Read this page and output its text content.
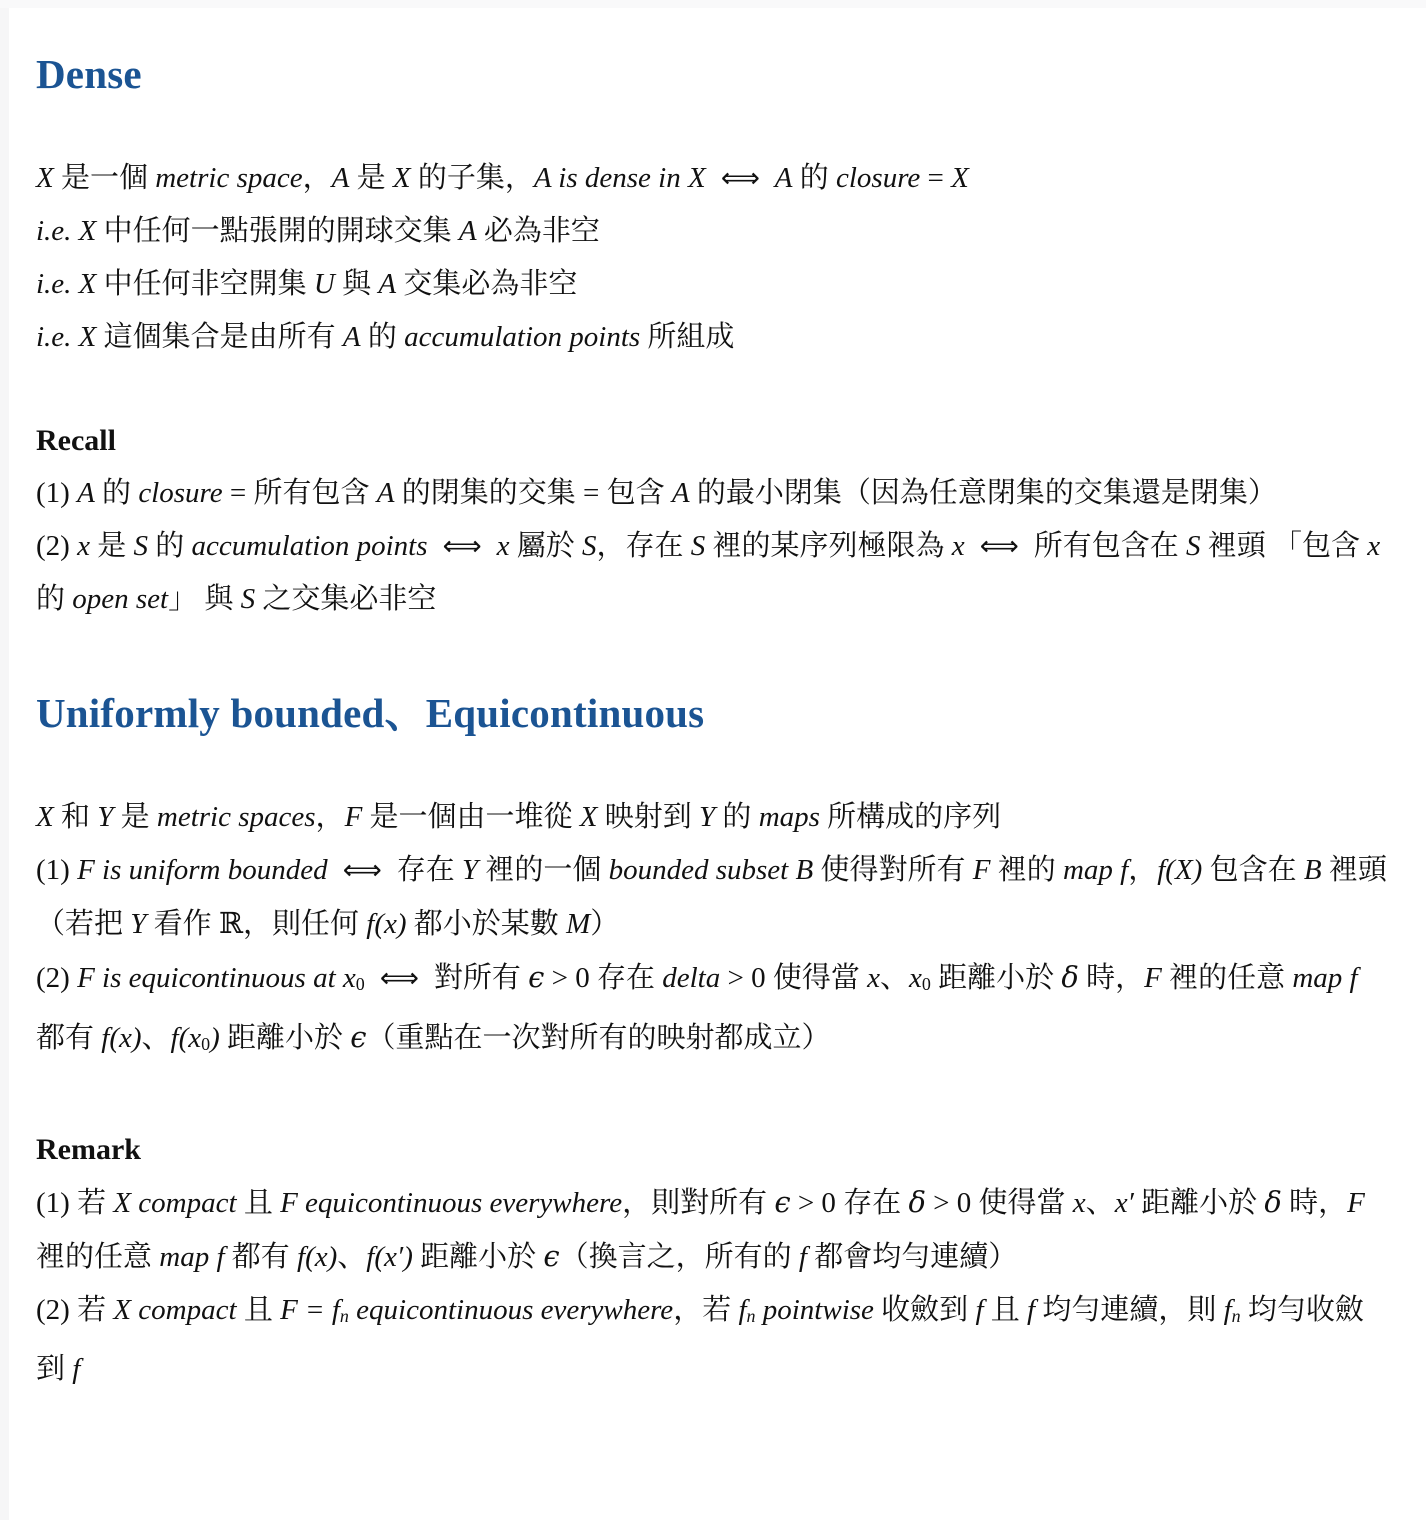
Dense
X 是一個 metric space，A 是 X 的子集，A is dense in X ⟺ A 的 closure = X
i.e. X 中任何一點張開的開球交集 A 必為非空
i.e. X 中任何非空開集 U 與 A 交集必為非空
i.e. X 這個集合是由所有 A 的 accumulation points 所組成
Recall
(1) A 的 closure = 所有包含 A 的閉集的交集 = 包含 A 的最小閉集（因為任意閉集的交集還是閉集）
(2) x 是 S 的 accumulation points ⟺ x 屬於 S，存在 S 裡的某序列極限為 x ⟺ 所有包含在 S 裡頭 「包含 x 的 open set」 與 S 之交集必非空
Uniformly bounded、Equicontinuous
X 和 Y 是 metric spaces，F 是一個由一堆從 X 映射到 Y 的 maps 所構成的序列
(1) F is uniform bounded ⟺ 存在 Y 裡的一個 bounded subset B 使得對所有 F 裡的 map f，f(X) 包含在 B 裡頭 （若把 Y 看作 ℝ，則任何 f(x) 都小於某數 M）
(2) F is equicontinuous at x0 ⟺ 對所有 ϵ > 0 存在 delta > 0 使得當 x、x0 距離小於 δ 時，F 裡的任意 map f 都有 f(x)、f(x0) 距離小於 ϵ（重點在一次對所有的映射都成立）
Remark
(1) 若 X compact 且 F equicontinuous everywhere，則對所有 ϵ > 0 存在 δ > 0 使得當 x、x′ 距離小於 δ 時，F 裡的任意 map f 都有 f(x)、f(x′) 距離小於 ϵ（換言之，所有的 f 都會均勻連續）
(2) 若 X compact 且 F = fn equicontinuous everywhere，若 fn pointwise 收斂到 f 且 f 均勻連續，則 fn 均勻收斂到 f
